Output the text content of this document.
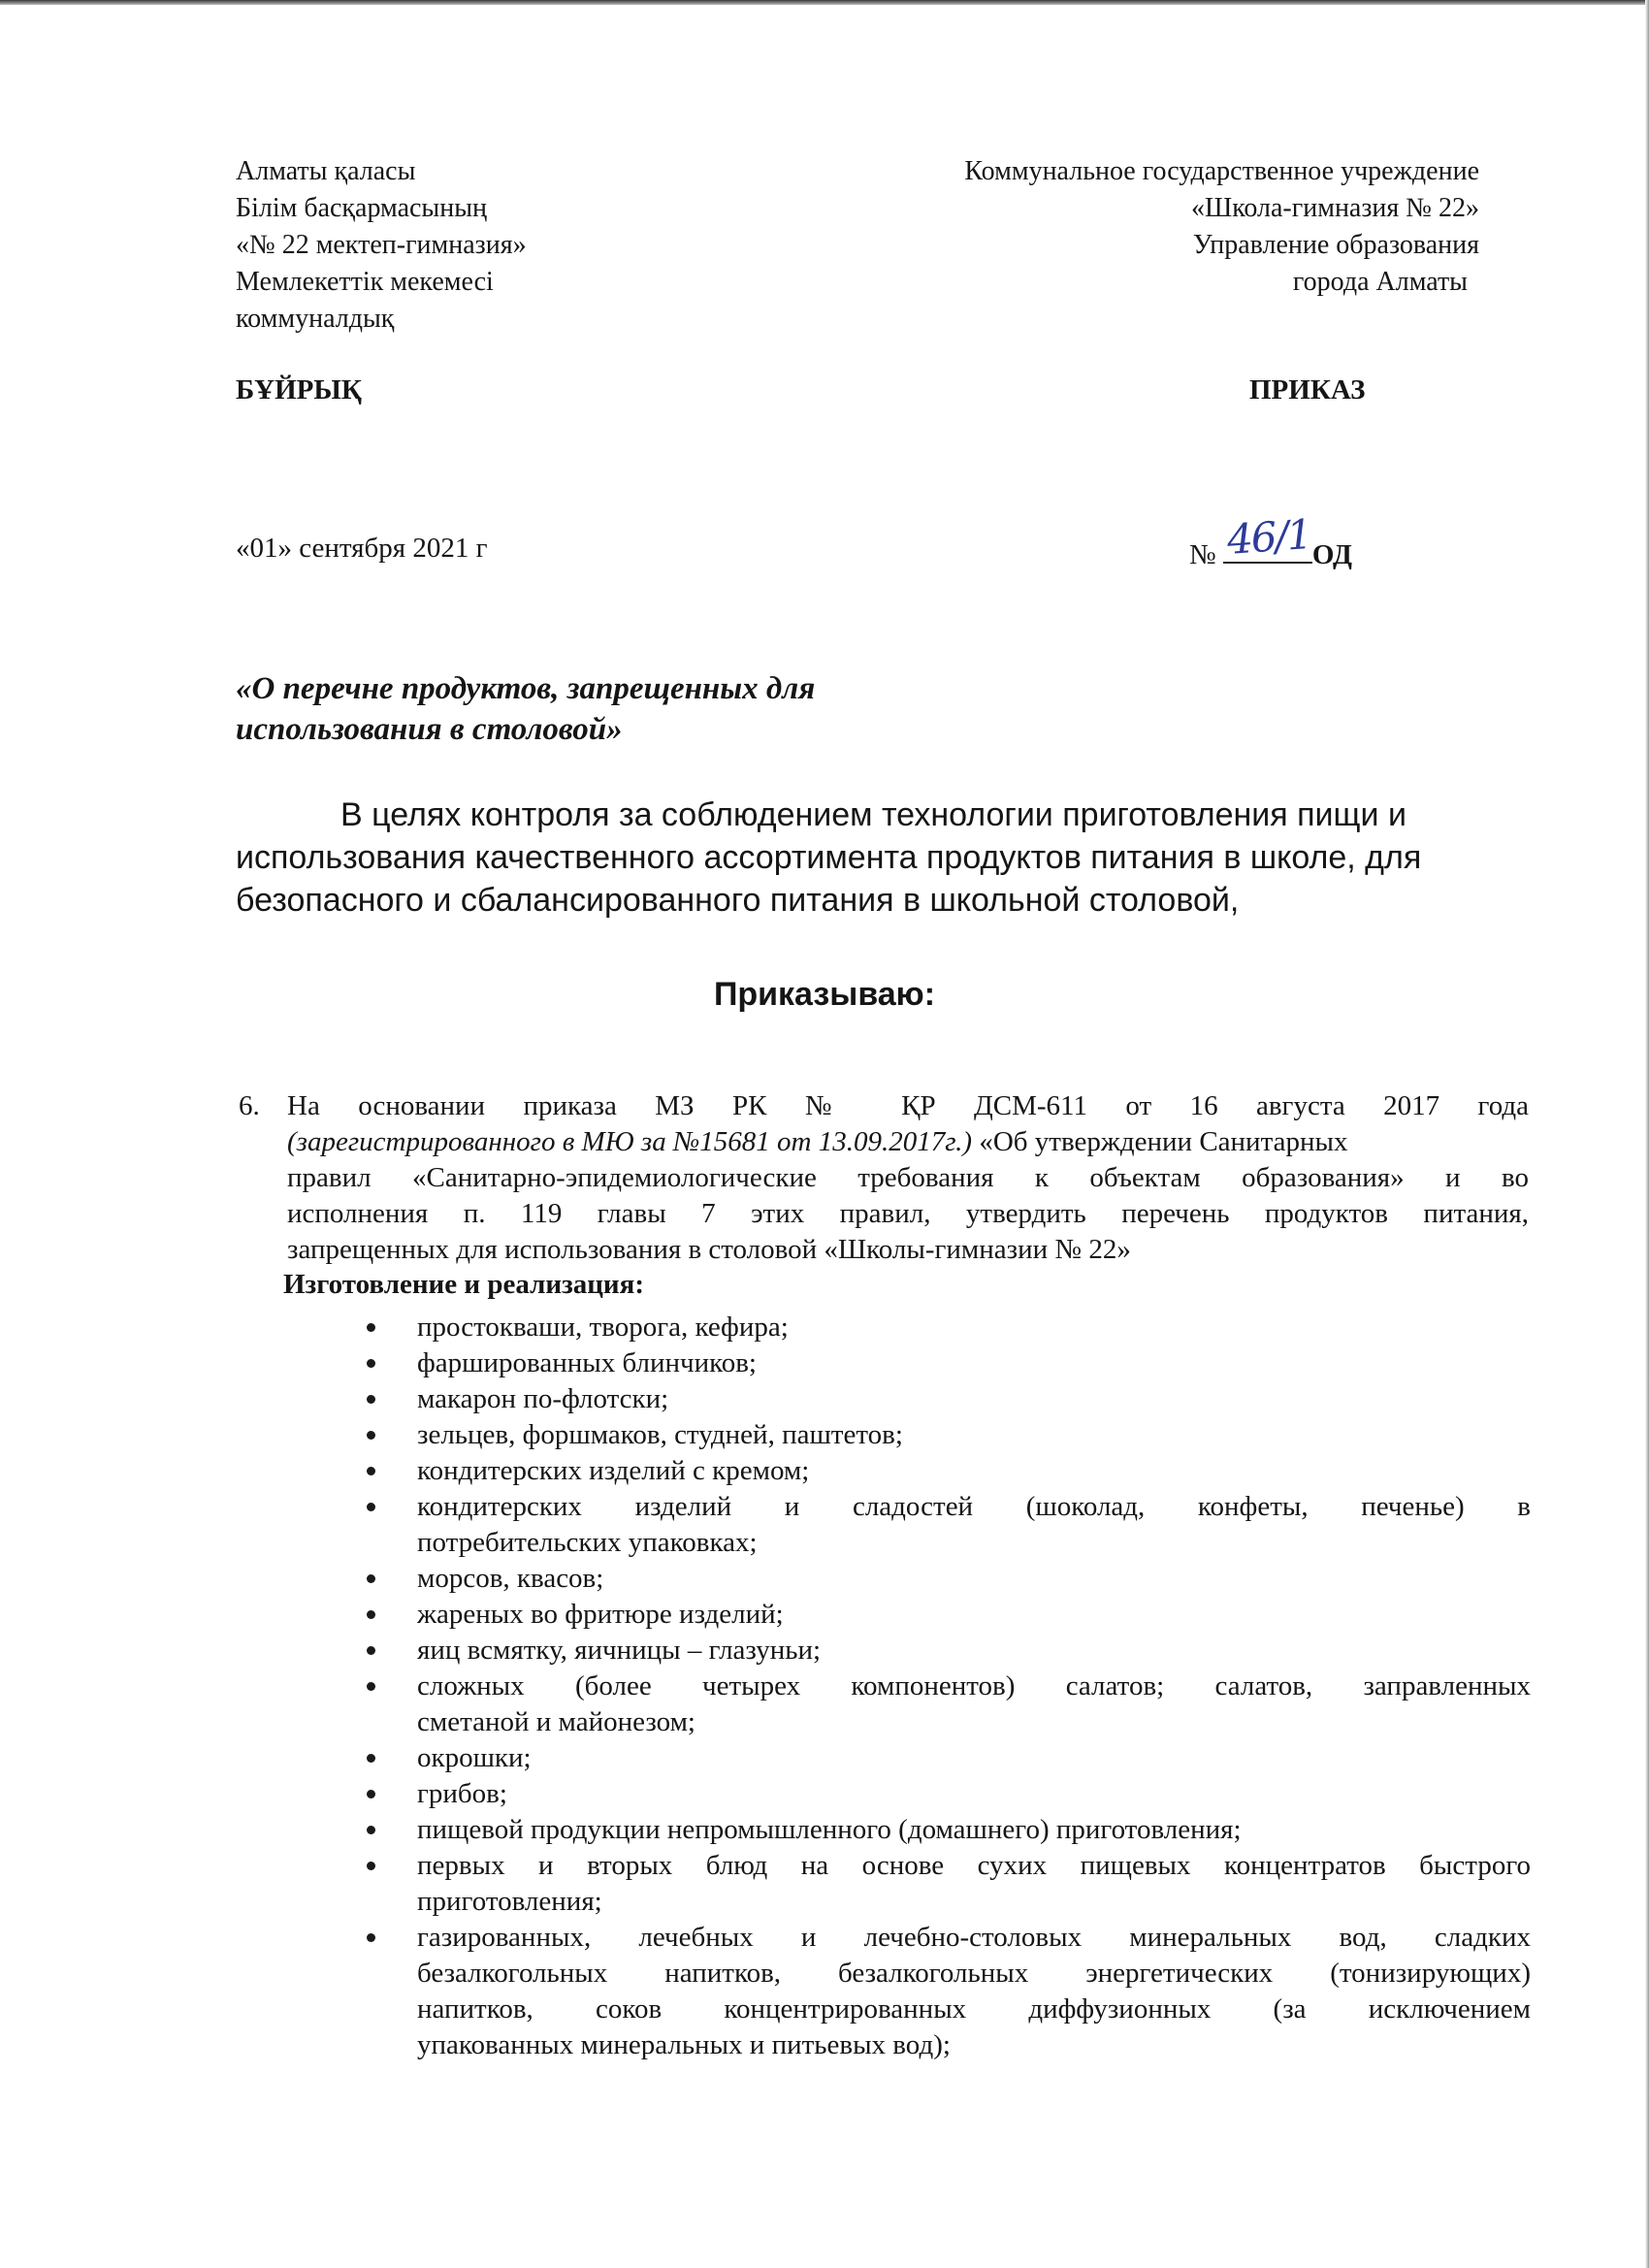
Алматы қаласы
Білім басқармасының
«№ 22 мектеп-гимназия»
Мемлекеттік мекемесі
коммуналдық
Коммунальное государственное учреждение
«Школа-гимназия № 22»
Управление образования
города Алматы
БҰЙРЫҚ	ПРИКАЗ
«01» сентября 2021 г	№ 46/1 ОД
«О перечне продуктов, запрещенных для
использования в столовой»
В целях контроля за соблюдением технологии приготовления пищи и
использования качественного ассортимента продуктов питания в школе, для
безопасного и сбалансированного питания в школьной столовой,
Приказываю:
6. На основании приказа МЗ РК № ҚР ДСМ-611 от 16 августа 2017 года
(зарегистрированного в МЮ за №15681 от 13.09.2017г.) «Об утверждении Санитарных
правил «Санитарно-эпидемиологические требования к объектам образования» и во
исполнения п. 119 главы 7 этих правил, утвердить перечень продуктов питания,
запрещенных для использования в столовой «Школы-гимназии № 22»
Изготовление и реализация:
простокваши, творога, кефира;
фаршированных блинчиков;
макарон по-флотски;
зельцев, форшмаков, студней, паштетов;
кондитерских изделий с кремом;
кондитерских изделий и сладостей (шоколад, конфеты, печенье) в
потребительских упаковках;
морсов, квасов;
жареных во фритюре изделий;
яиц всмятку, яичницы – глазуньи;
сложных (более четырех компонентов) салатов; салатов, заправленных
сметаной и майонезом;
окрошки;
грибов;
пищевой продукции непромышленного (домашнего) приготовления;
первых и вторых блюд на основе сухих пищевых концентратов быстрого
приготовления;
газированных, лечебных и лечебно-столовых минеральных вод, сладких
безалкогольных напитков, безалкогольных энергетических (тонизирующих)
напитков, соков концентрированных диффузионных (за исключением
упакованных минеральных и питьевых вод);
